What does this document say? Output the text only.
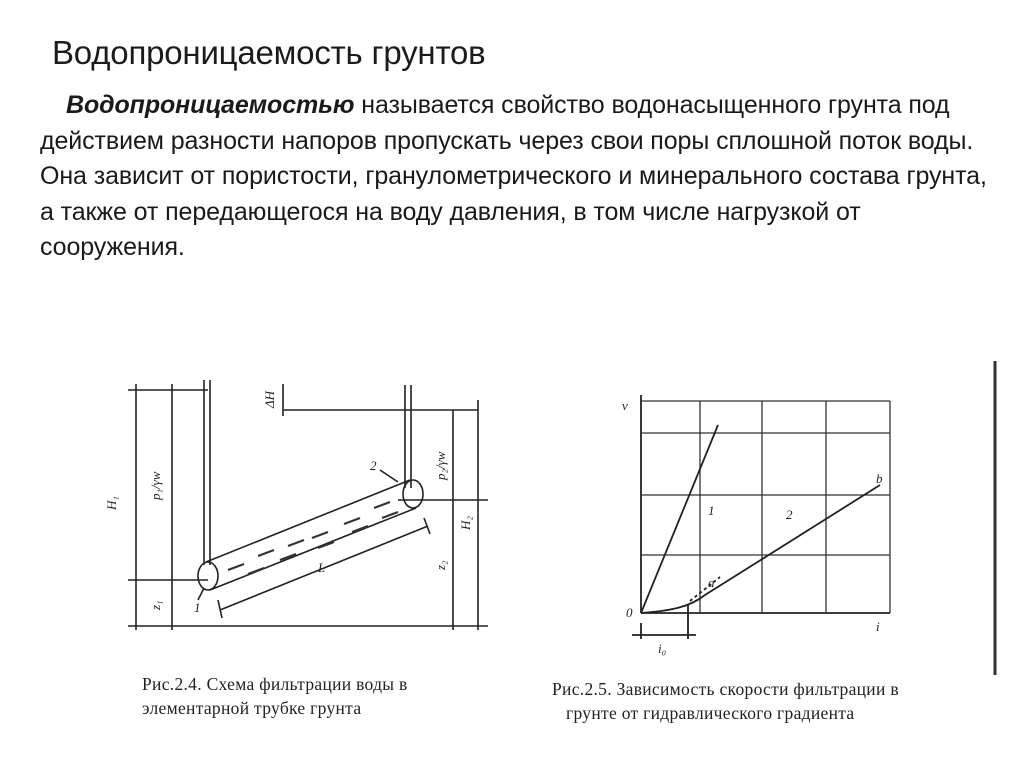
Водопроницаемость грунтов
Водопроницаемостью называется свойство водонасыщенного грунта под действием разности напоров пропускать через свои поры сплошной поток воды. Она зависит от пористости, гранулометрического и минерального состава грунта, а также от передающегося на воду давления, в том числе нагрузкой от сооружения.
H₁
p₁/γw
z₁
ΔH
p₂/γw
H₂
z₂
L
1
2
Рис.2.4. Схема фильтрации воды в
элементарной трубке грунта
v
i
0
i₀
a
b
1	2
Рис.2.5. Зависимость скорости фильтрации в
грунте от гидравлического градиента
